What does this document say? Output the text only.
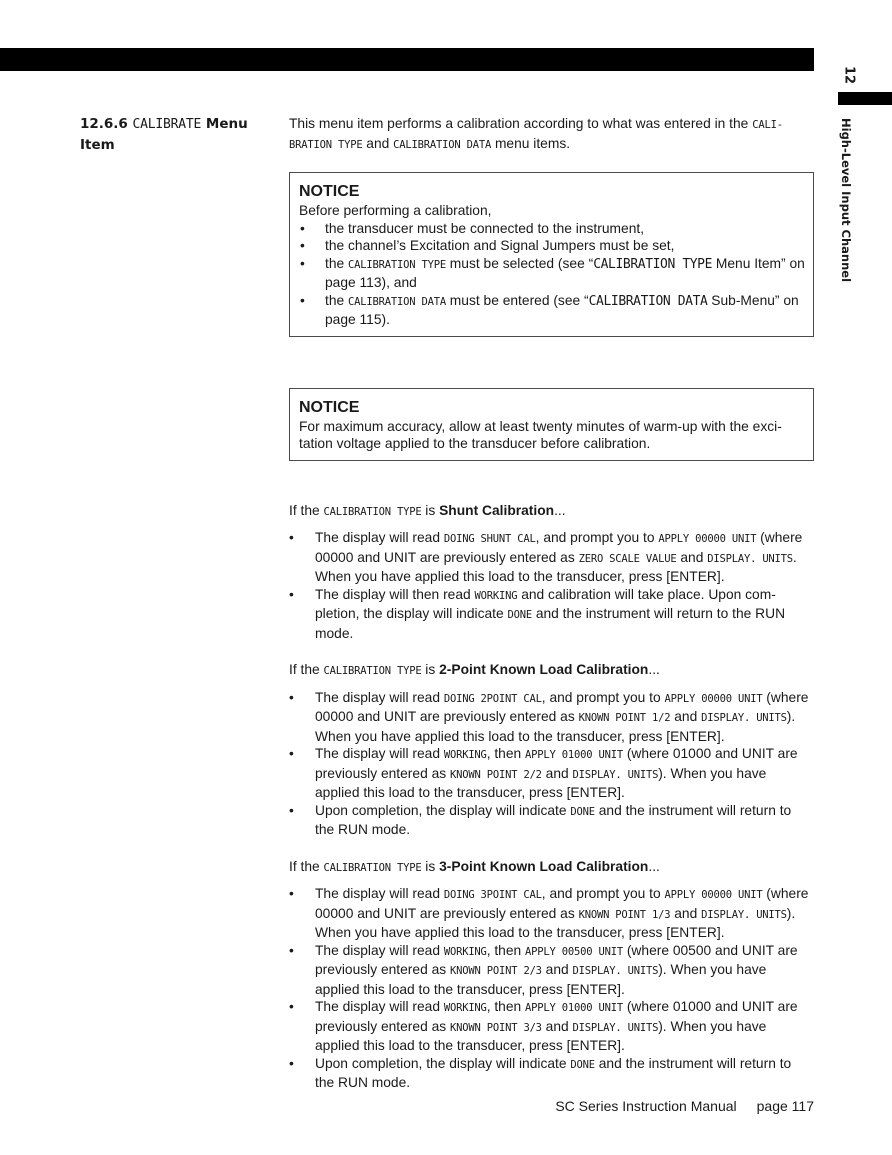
12
High-Level Input Channel
12.6.6 CALIBRATE Menu
Item

This menu item performs a calibration according to what was entered in the CALI-
BRATION TYPE and CALIBRATION DATA menu items.

NOTICE

Before performing a calibration,

• the transducer must be connected to the instrument,
• the channel’s Excitation and Signal Jumpers must be set,
• the CALIBRATION TYPE must be selected (see “CALIBRATION TYPE Menu Item” on page 113), and
• the CALIBRATION DATA must be entered (see “CALIBRATION DATA Sub-Menu” on page 115).
NOTICE

For maximum accuracy, allow at least twenty minutes of warm-up with the exci-tation voltage applied to the transducer before calibration.

If the CALIBRATION TYPE is Shunt Calibration...

• The display will read DOING SHUNT CAL, and prompt you to APPLY 00000 UNIT (where 00000 and UNIT are previously entered as ZERO SCALE VALUE and DISPLAY. UNITS. When you have applied this load to the transducer, press [ENTER].
• The display will then read WORKING and calibration will take place. Upon com-pletion, the display will indicate DONE and the instrument will return to the RUN mode.

If the CALIBRATION TYPE is 2-Point Known Load Calibration...

• The display will read DOING 2POINT CAL, and prompt you to APPLY 00000 UNIT (where 00000 and UNIT are previously entered as KNOWN POINT 1/2 and DISPLAY. UNITS). When you have applied this load to the transducer, press [ENTER].
• The display will read WORKING, then APPLY 01000 UNIT (where 01000 and UNIT are previously entered as KNOWN POINT 2/2 and DISPLAY. UNITS). When you have applied this load to the transducer, press [ENTER].
• Upon completion, the display will indicate DONE and the instrument will return to the RUN mode.

If the CALIBRATION TYPE is 3-Point Known Load Calibration...

• The display will read DOING 3POINT CAL, and prompt you to APPLY 00000 UNIT (where 00000 and UNIT are previously entered as KNOWN POINT 1/3 and DISPLAY. UNITS). When you have applied this load to the transducer, press [ENTER].
• The display will read WORKING, then APPLY 00500 UNIT (where 00500 and UNIT are previously entered as KNOWN POINT 2/3 and DISPLAY. UNITS). When you have applied this load to the transducer, press [ENTER].
• The display will read WORKING, then APPLY 01000 UNIT (where 01000 and UNIT are previously entered as KNOWN POINT 3/3 and DISPLAY. UNITS). When you have applied this load to the transducer, press [ENTER].
• Upon completion, the display will indicate DONE and the instrument will return to the RUN mode.
SC Series Instruction Manual page 117
